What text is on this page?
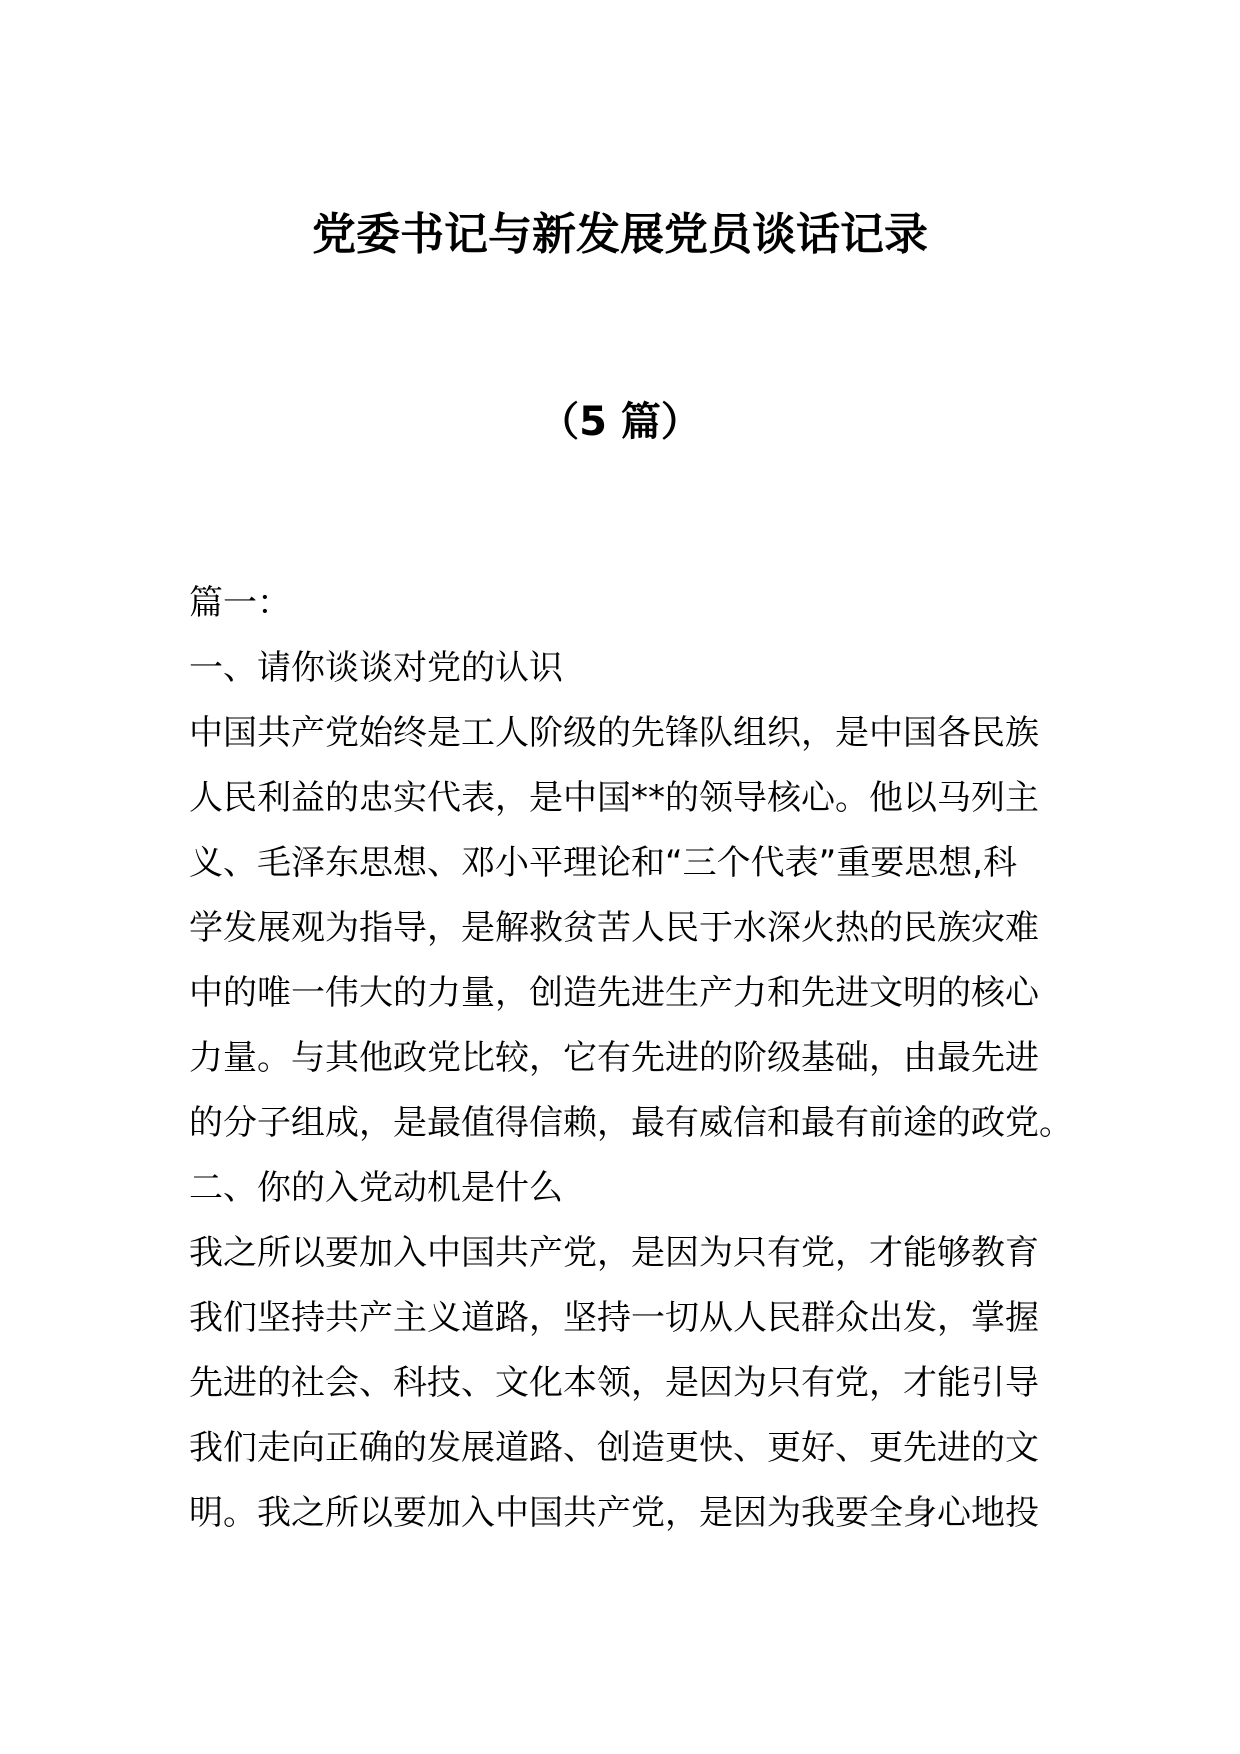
党委书记与新发展党员谈话记录
（5 篇）

篇一：

一、请你谈谈对党的认识

中国共产党始终是工人阶级的先锋队组织，是中国各民族

人民利益的忠实代表，是中国**的领导核心。他以马列主

义、毛泽东思想、邓小平理论和“三个代表”重要思想,科

学发展观为指导，是解救贫苦人民于水深火热的民族灾难

中的唯一伟大的力量，创造先进生产力和先进文明的核心

力量。与其他政党比较，它有先进的阶级基础，由最先进

的分子组成，是最值得信赖，最有威信和最有前途的政党。

二、你的入党动机是什么

我之所以要加入中国共产党，是因为只有党，才能够教育

我们坚持共产主义道路，坚持一切从人民群众出发，掌握

先进的社会、科技、文化本领，是因为只有党，才能引导

我们走向正确的发展道路、创造更快、更好、更先进的文

明。我之所以要加入中国共产党，是因为我要全身心地投
